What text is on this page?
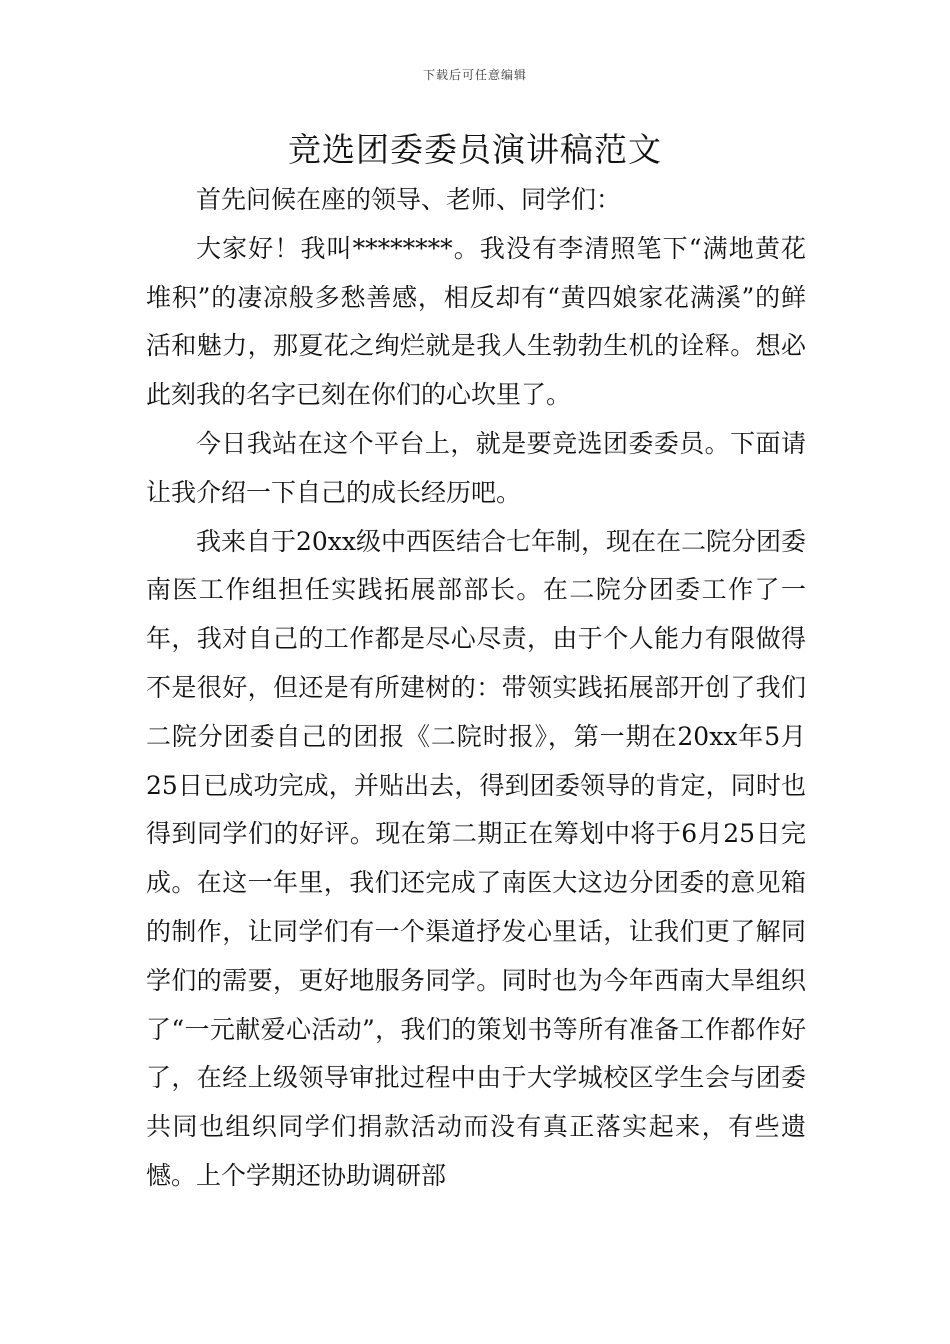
下载后可任意编辑
竞选团委委员演讲稿范文

首先问候在座的领导、老师、同学们：

大家好！我叫********。我没有李清照笔下“满地黄花堆积”的凄凉般多愁善感，相反却有“黄四娘家花满溪”的鲜活和魅力，那夏花之绚烂就是我人生勃勃生机的诠释。想必此刻我的名字已刻在你们的心坎里了。

今日我站在这个平台上，就是要竞选团委委员。下面请让我介绍一下自己的成长经历吧。

我来自于20xx级中西医结合七年制，现在在二院分团委南医工作组担任实践拓展部部长。在二院分团委工作了一年，我对自己的工作都是尽心尽责，由于个人能力有限做得不是很好，但还是有所建树的：带领实践拓展部开创了我们二院分团委自己的团报《二院时报》，第一期在20xx年5月25日已成功完成，并贴出去，得到团委领导的肯定，同时也得到同学们的好评。现在第二期正在筹划中将于6月25日完成。在这一年里，我们还完成了南医大这边分团委的意见箱的制作，让同学们有一个渠道抒发心里话，让我们更了解同学们的需要，更好地服务同学。同时也为今年西南大旱组织了“一元献爱心活动”，我们的策划书等所有准备工作都作好了，在经上级领导审批过程中由于大学城校区学生会与团委共同也组织同学们捐款活动而没有真正落实起来，有些遗憾。上个学期还协助调研部
